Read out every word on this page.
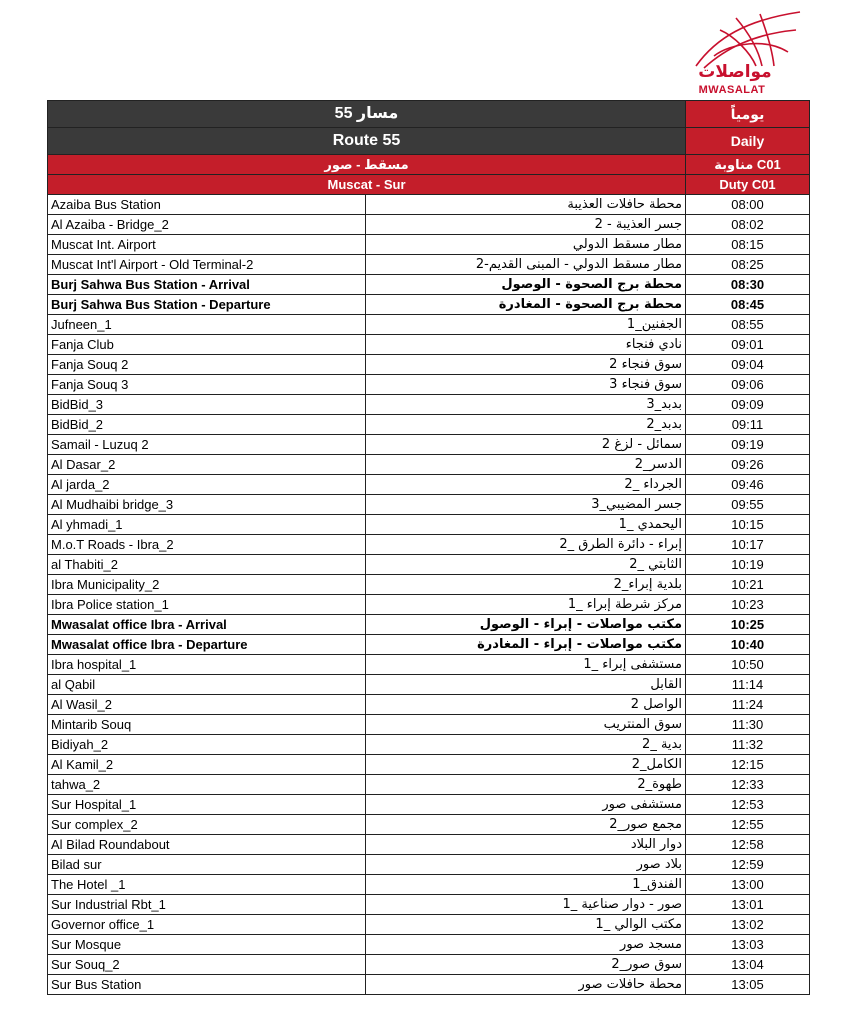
مواصلات
MWASALAT
مسار 55		يومياً
Route 55		Daily
مسقط - صور		مناوبة C01
Muscat - Sur		Duty C01
Azaiba Bus Station	محطة حافلات العذيبة	08:00
Al Azaiba - Bridge_2	جسر العذيبة - 2	08:02
Muscat Int. Airport	مطار مسقط الدولي	08:15
Muscat Int'l Airport - Old Terminal-2	مطار مسقط الدولي - المبنى القديم-2	08:25
Burj Sahwa Bus Station - Arrival	محطة برج الصحوة - الوصول	08:30
Burj Sahwa Bus Station - Departure	محطة برج الصحوة - المغادرة	08:45
Jufneen_1	الجفنين_1	08:55
Fanja Club	نادي فنجاء	09:01
Fanja Souq 2	سوق فنجاء 2	09:04
Fanja Souq 3	سوق فنجاء 3	09:06
BidBid_3	بدبد_3	09:09
BidBid_2	بدبد_2	09:11
Samail - Luzuq 2	سمائل - لزغ 2	09:19
Al Dasar_2	الدسر_2	09:26
Al jarda_2	الجرداء _2	09:46
Al Mudhaibi bridge_3	جسر المضيبي_3	09:55
Al yhmadi_1	اليحمدي _1	10:15
M.o.T Roads - Ibra_2	إبراء - دائرة الطرق _2	10:17
al Thabiti_2	الثابتي _2	10:19
Ibra Municipality_2	بلدية إبراء_2	10:21
Ibra Police station_1	مركز شرطة إبراء _1	10:23
Mwasalat office Ibra - Arrival	مكتب مواصلات - إبراء - الوصول	10:25
Mwasalat office Ibra - Departure	مكتب مواصلات - إبراء - المغادرة	10:40
Ibra hospital_1	مستشفى إبراء _1	10:50
al Qabil	القابل	11:14
Al Wasil_2	الواصل 2	11:24
Mintarib Souq	سوق المنتريب	11:30
Bidiyah_2	بدية _2	11:32
Al Kamil_2	الكامل_2	12:15
tahwa_2	طهوة_2	12:33
Sur Hospital_1	مستشفى صور	12:53
Sur complex_2	مجمع صور_2	12:55
Al Bilad Roundabout	دوار البلاد	12:58
Bilad sur	بلاد صور	12:59
The Hotel _1	الفندق_1	13:00
Sur Industrial Rbt_1	صور - دوار صناعية _1	13:01
Governor office_1	مكتب الوالي _1	13:02
Sur Mosque	مسجد صور	13:03
Sur Souq_2	سوق صور_2	13:04
Sur Bus Station	محطة حافلات صور	13:05
